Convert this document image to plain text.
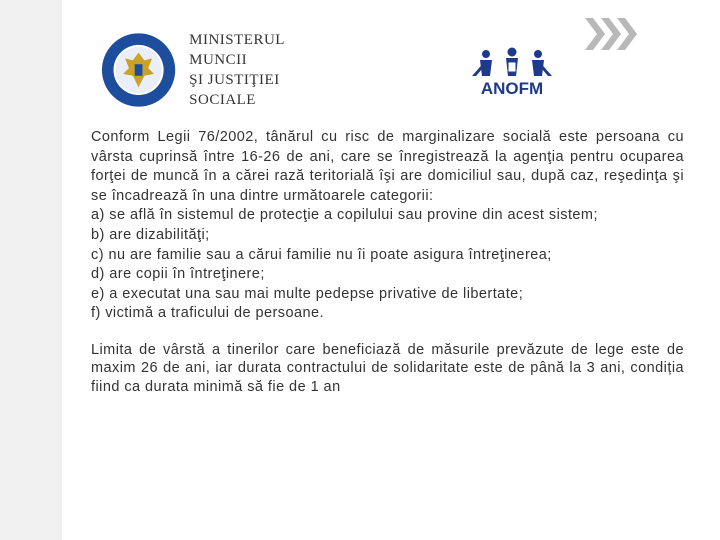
MINISTERUL MUNCII
ŞI JUSTIŢIEI SOCIALE
ANOFM

Conform Legii 76/2002, tânărul cu risc de marginalizare socială este persoana cu vârsta cuprinsă între 16-26 de ani, care se înregistrează la agenţia pentru ocuparea forţei de muncă în a cărei rază teritorială îşi are domiciliul sau, după caz, reşedinţa şi se încadrează în una dintre următoarele categorii:

a) se află în sistemul de protecţie a copilului sau provine din acest sistem;

b) are dizabilităţi;

c) nu are familie sau a cărui familie nu îi poate asigura întreţinerea;

d) are copii în întreţinere;

e) a executat una sau mai multe pedepse privative de libertate;

f) victimă a traficului de persoane.

Limita de vârstă a tinerilor care beneficiază de măsurile prevăzute de lege este de maxim 26 de ani, iar durata contractului de solidaritate este de până la 3 ani, condiția fiind ca durata minimă să fie de 1 an
